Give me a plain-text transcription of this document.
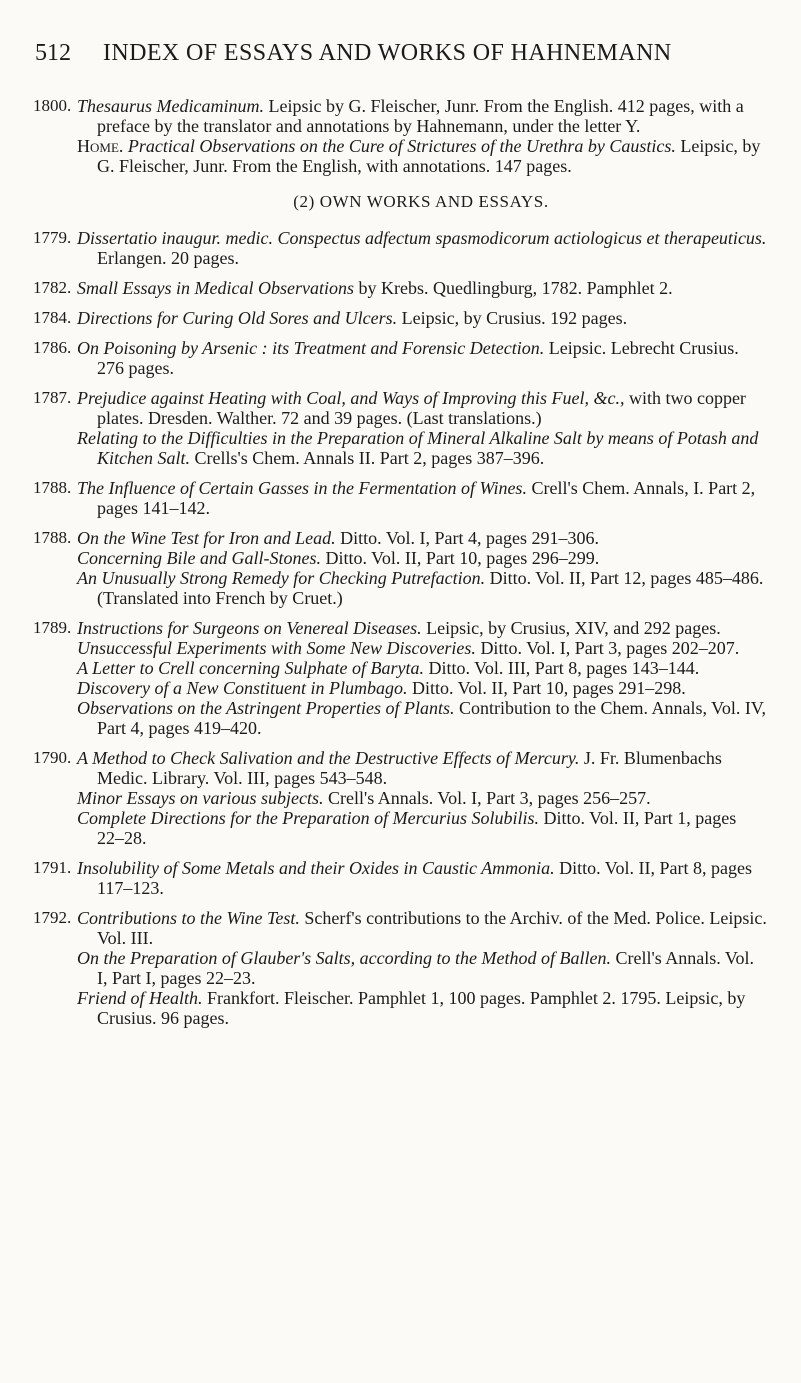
512 INDEX OF ESSAYS AND WORKS OF HAHNEMANN
1800. Thesaurus Medicaminum. Leipsic by G. Fleischer, Junr. From the English. 412 pages, with a preface by the translator and annotations by Hahnemann, under the letter Y.

Home. Practical Observations on the Cure of Strictures of the Urethra by Caustics. Leipsic, by G. Fleischer, Junr. From the English, with annotations. 147 pages.

(2) OWN WORKS AND ESSAYS.
1779. Dissertatio inaugur. medic. Conspectus adfectum spasmodicorum actiologicus et therapeuticus. Erlangen. 20 pages.

1782. Small Essays in Medical Observations by Krebs. Quedlingburg, 1782. Pamphlet 2.

1784. Directions for Curing Old Sores and Ulcers. Leipsic, by Crusius. 192 pages.

1786. On Poisoning by Arsenic : its Treatment and Forensic Detection. Leipsic. Lebrecht Crusius. 276 pages.

1787. Prejudice against Heating with Coal, and Ways of Improving this Fuel, &c., with two copper plates. Dresden. Walther. 72 and 39 pages. (Last translations.)

Relating to the Difficulties in the Preparation of Mineral Alkaline Salt by means of Potash and Kitchen Salt. Crells's Chem. Annals II. Part 2, pages 387–396.

1788. The Influence of Certain Gasses in the Fermentation of Wines. Crell's Chem. Annals, I. Part 2, pages 141–142.

1788. On the Wine Test for Iron and Lead. Ditto. Vol. I, Part 4, pages 291–306.

Concerning Bile and Gall-Stones. Ditto. Vol. II, Part 10, pages 296–299.

An Unusually Strong Remedy for Checking Putrefaction. Ditto. Vol. II, Part 12, pages 485–486. (Translated into French by Cruet.)

1789. Instructions for Surgeons on Venereal Diseases. Leipsic, by Crusius, XIV, and 292 pages.

Unsuccessful Experiments with Some New Discoveries. Ditto. Vol. I, Part 3, pages 202–207.

A Letter to Crell concerning Sulphate of Baryta. Ditto. Vol. III, Part 8, pages 143–144.

Discovery of a New Constituent in Plumbago. Ditto. Vol. II, Part 10, pages 291–298.

Observations on the Astringent Properties of Plants. Contribution to the Chem. Annals, Vol. IV, Part 4, pages 419–420.

1790. A Method to Check Salivation and the Destructive Effects of Mercury. J. Fr. Blumenbachs Medic. Library. Vol. III, pages 543–548.

Minor Essays on various subjects. Crell's Annals. Vol. I, Part 3, pages 256–257.

Complete Directions for the Preparation of Mercurius Solubilis. Ditto. Vol. II, Part 1, pages 22–28.

1791. Insolubility of Some Metals and their Oxides in Caustic Ammonia. Ditto. Vol. II, Part 8, pages 117–123.

1792. Contributions to the Wine Test. Scherf's contributions to the Archiv. of the Med. Police. Leipsic. Vol. III.

On the Preparation of Glauber's Salts, according to the Method of Ballen. Crell's Annals. Vol. I, Part I, pages 22–23.

Friend of Health. Frankfort. Fleischer. Pamphlet 1, 100 pages. Pamphlet 2. 1795. Leipsic, by Crusius. 96 pages.
